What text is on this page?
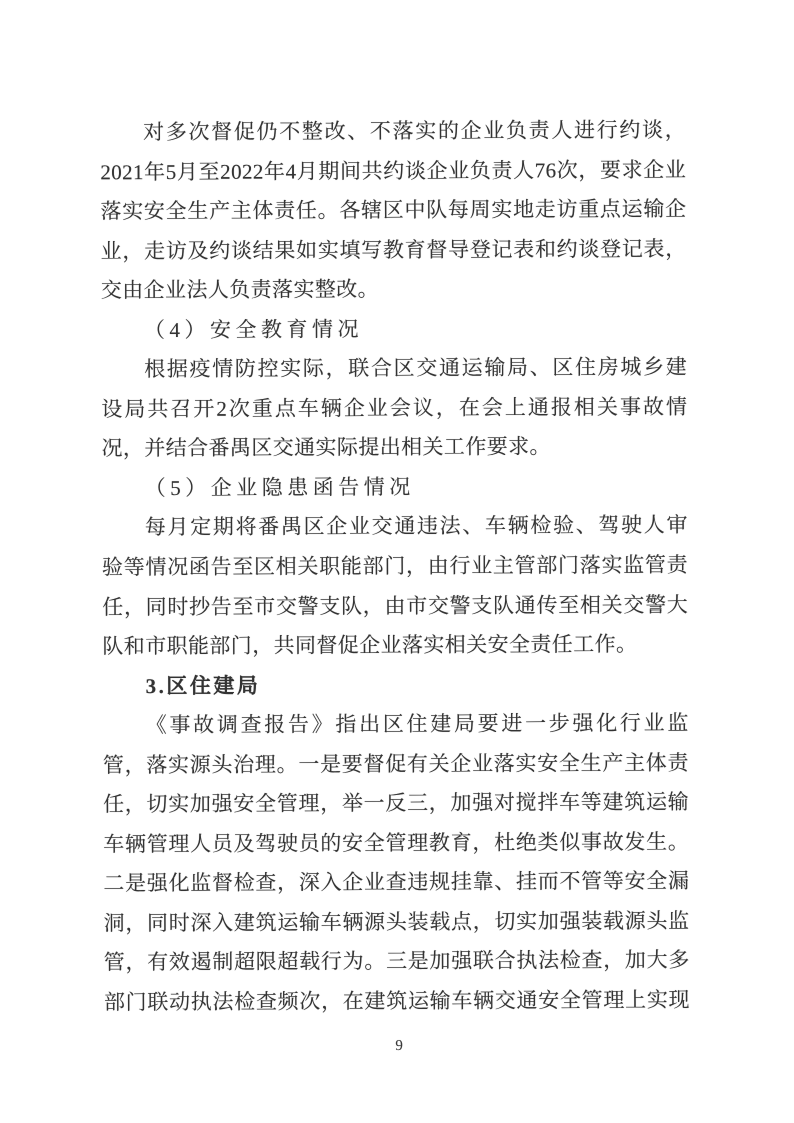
对多次督促仍不整改、不落实的企业负责人进行约谈，
2021年5月至2022年4月期间共约谈企业负责人76次，要求企业
落实安全生产主体责任。各辖区中队每周实地走访重点运输企
业，走访及约谈结果如实填写教育督导登记表和约谈登记表，
交由企业法人负责落实整改。
（4）安全教育情况
根据疫情防控实际，联合区交通运输局、区住房城乡建
设局共召开2次重点车辆企业会议，在会上通报相关事故情
况，并结合番禺区交通实际提出相关工作要求。
（5）企业隐患函告情况
每月定期将番禺区企业交通违法、车辆检验、驾驶人审
验等情况函告至区相关职能部门，由行业主管部门落实监管责
任，同时抄告至市交警支队，由市交警支队通传至相关交警大
队和市职能部门，共同督促企业落实相关安全责任工作。
3.区住建局
《事故调查报告》指出区住建局要进一步强化行业监
管，落实源头治理。一是要督促有关企业落实安全生产主体责
任，切实加强安全管理，举一反三，加强对搅拌车等建筑运输
车辆管理人员及驾驶员的安全管理教育，杜绝类似事故发生。
二是强化监督检查，深入企业查违规挂靠、挂而不管等安全漏
洞，同时深入建筑运输车辆源头装载点，切实加强装载源头监
管，有效遏制超限超载行为。三是加强联合执法检查，加大多
部门联动执法检查频次，在建筑运输车辆交通安全管理上实现
9
